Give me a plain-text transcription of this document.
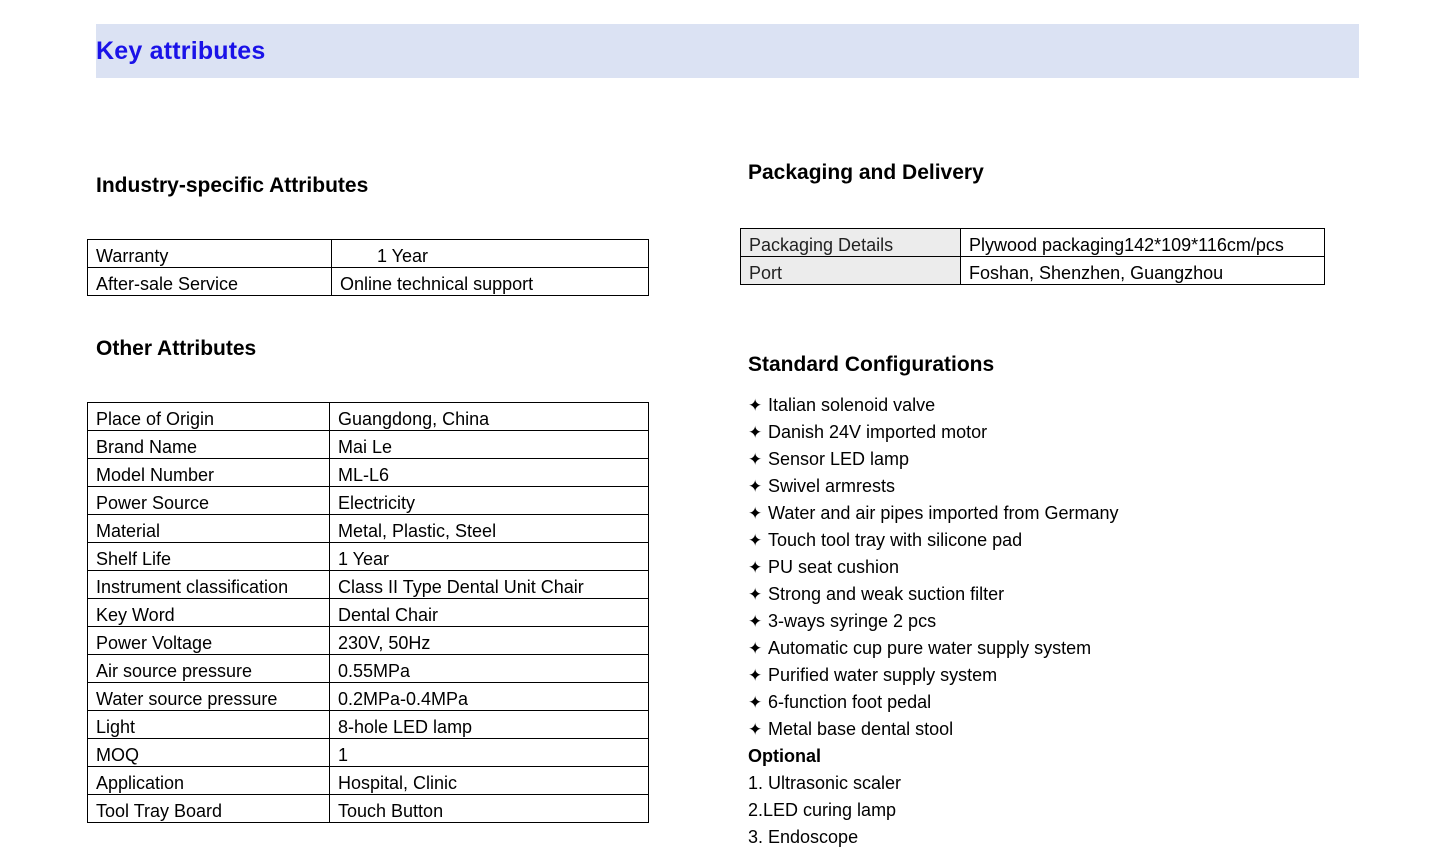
Key attributes
Industry-specific Attributes
Warranty	1 Year
After-sale Service	Online technical support
Other Attributes
Place of Origin	Guangdong, China
Brand Name	Mai Le
Model Number	ML-L6
Power Source	Electricity
Material	Metal, Plastic, Steel
Shelf Life	1 Year
Instrument classification	Class II Type Dental Unit Chair
Key Word	Dental Chair
Power Voltage	230V, 50Hz
Air source pressure	0.55MPa
Water source pressure	0.2MPa-0.4MPa
Light	8-hole LED lamp
MOQ	1
Application	Hospital, Clinic
Tool Tray Board	Touch Button
Packaging and Delivery
Packaging Details	Plywood packaging142*109*116cm/pcs
Port	Foshan, Shenzhen, Guangzhou
Standard Configurations
✦ Italian solenoid valve
✦ Danish 24V imported motor
✦ Sensor LED lamp
✦ Swivel armrests
✦ Water and air pipes imported from Germany
✦ Touch tool tray with silicone pad
✦ PU seat cushion
✦ Strong and weak suction filter
✦ 3-ways syringe 2 pcs
✦ Automatic cup pure water supply system
✦ Purified water supply system
✦ 6-function foot pedal
✦ Metal base dental stool
Optional
1. Ultrasonic scaler
2.LED curing lamp
3. Endoscope
